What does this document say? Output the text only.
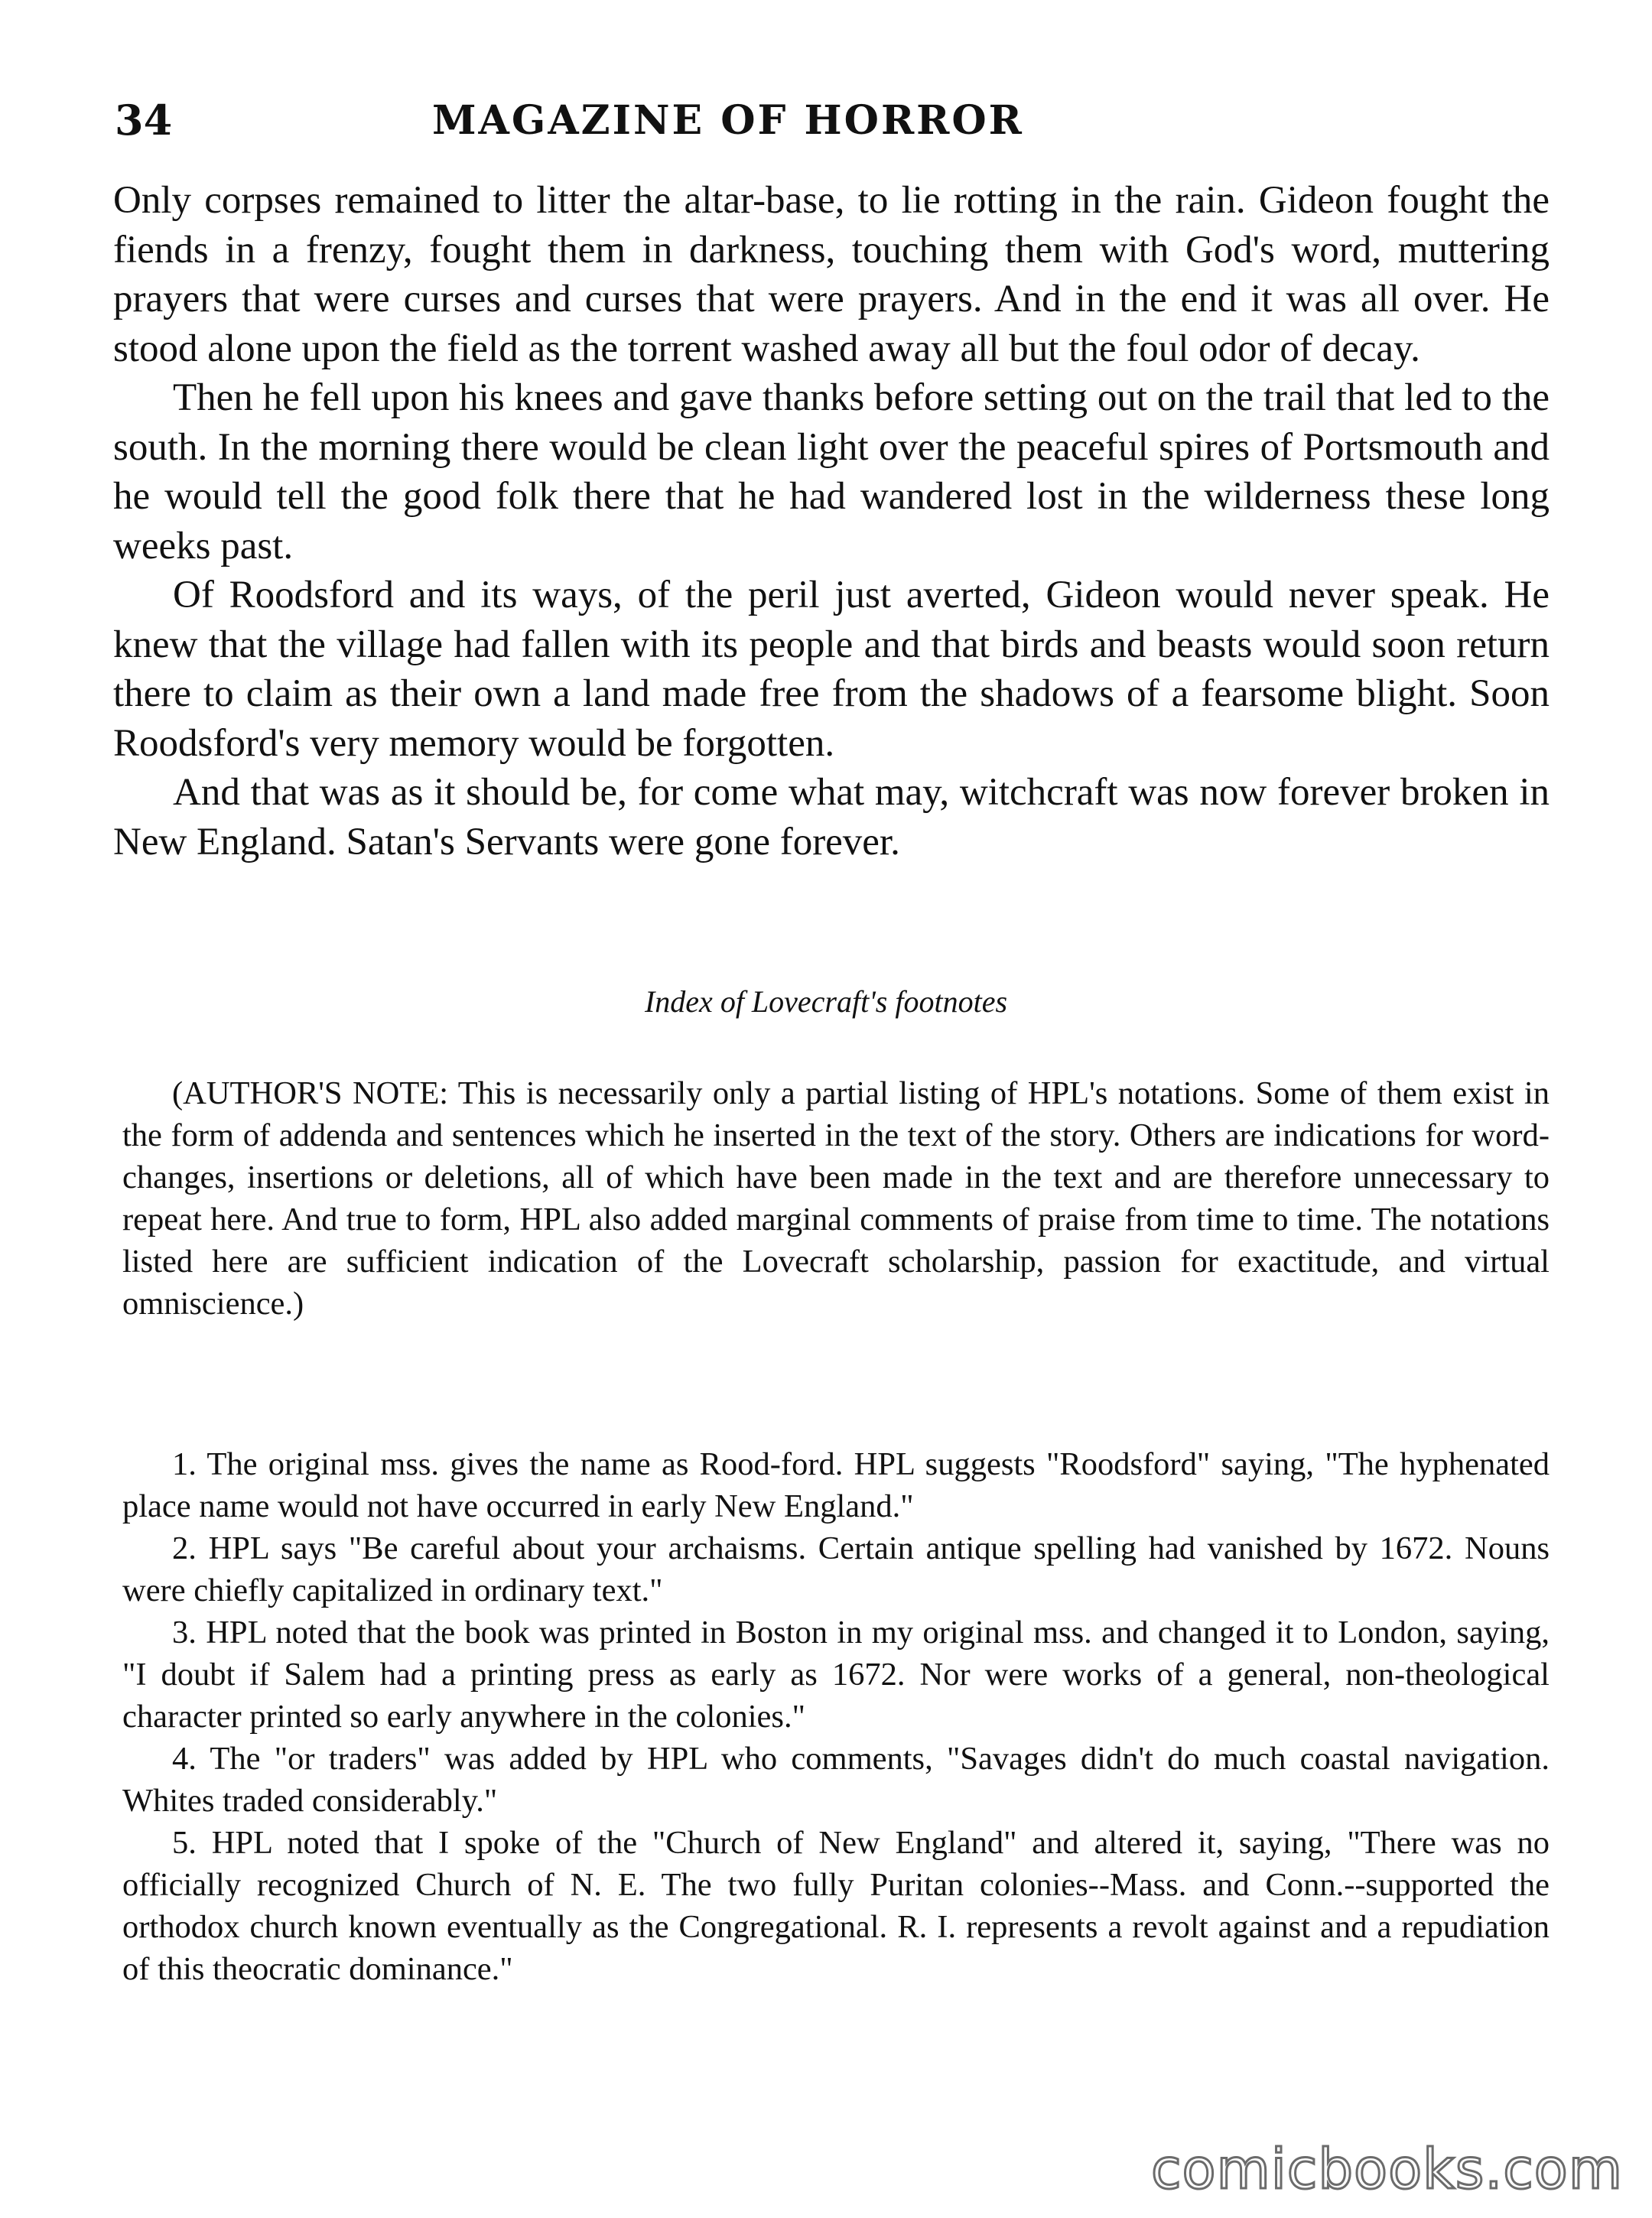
34	MAGAZINE OF HORROR

Only corpses remained to litter the altar-base, to lie rotting in the rain. Gideon fought the fiends in a frenzy, fought them in darkness, touching them with God's word, muttering prayers that were curses and curses that were prayers. And in the end it was all over. He stood alone upon the field as the torrent washed away all but the foul odor of decay.

Then he fell upon his knees and gave thanks before setting out on the trail that led to the south. In the morning there would be clean light over the peaceful spires of Portsmouth and he would tell the good folk there that he had wandered lost in the wilderness these long weeks past.

Of Roodsford and its ways, of the peril just averted, Gideon would never speak. He knew that the village had fallen with its people and that birds and beasts would soon return there to claim as their own a land made free from the shadows of a fearsome blight. Soon Roodsford's very memory would be forgotten.

And that was as it should be, for come what may, witchcraft was now forever broken in New England. Satan's Servants were gone forever.

Index of Lovecraft's footnotes

(AUTHOR'S NOTE: This is necessarily only a partial listing of HPL's notations. Some of them exist in the form of addenda and sentences which he inserted in the text of the story. Others are indications for word-changes, insertions or deletions, all of which have been made in the text and are therefore unnecessary to repeat here. And true to form, HPL also added marginal comments of praise from time to time. The notations listed here are sufficient indication of the Lovecraft scholarship, passion for exactitude, and virtual omniscience.)

1. The original mss. gives the name as Rood-ford. HPL suggests "Roodsford" saying, "The hyphenated place name would not have occurred in early New England."

2. HPL says "Be careful about your archaisms. Certain antique spelling had vanished by 1672. Nouns were chiefly capitalized in ordinary text."

3. HPL noted that the book was printed in Boston in my original mss. and changed it to London, saying, "I doubt if Salem had a printing press as early as 1672. Nor were works of a general, non-theological character printed so early anywhere in the colonies."

4. The "or traders" was added by HPL who comments, "Savages didn't do much coastal navigation. Whites traded considerably."

5. HPL noted that I spoke of the "Church of New England" and altered it, saying, "There was no officially recognized Church of N. E. The two fully Puritan colonies--Mass. and Conn.--supported the orthodox church known eventually as the Congregational. R. I. represents a revolt against and a repudiation of this theocratic dominance."

comicbooks.com
